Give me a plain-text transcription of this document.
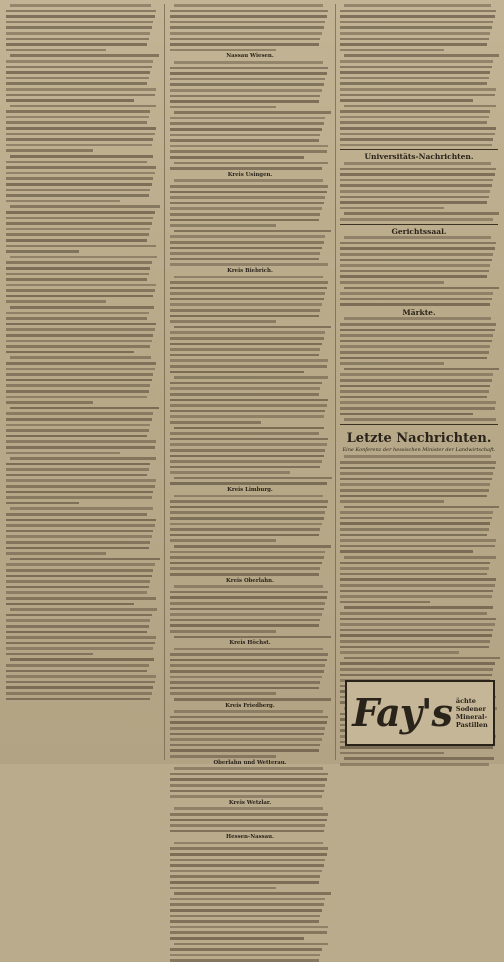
Nassau Wiesen.
Kreis Usingen.
Kreis Biebrich.
Kreis Limburg.
Kreis Oberlahn.
Kreis Höchst.
Kreis Friedberg.
Oberlahn und Wetterau.
Kreis Wetzlar.
Hessen-Nassau.
Universitäts-Nachrichten.
Gerichtssaal.
Märkte.
Letzte Nachrichten.
Eine Konferenz der hessischen Minister der Landwirtschaft.
Fay's ächte
Sodener
Mineral-
Pastillen
